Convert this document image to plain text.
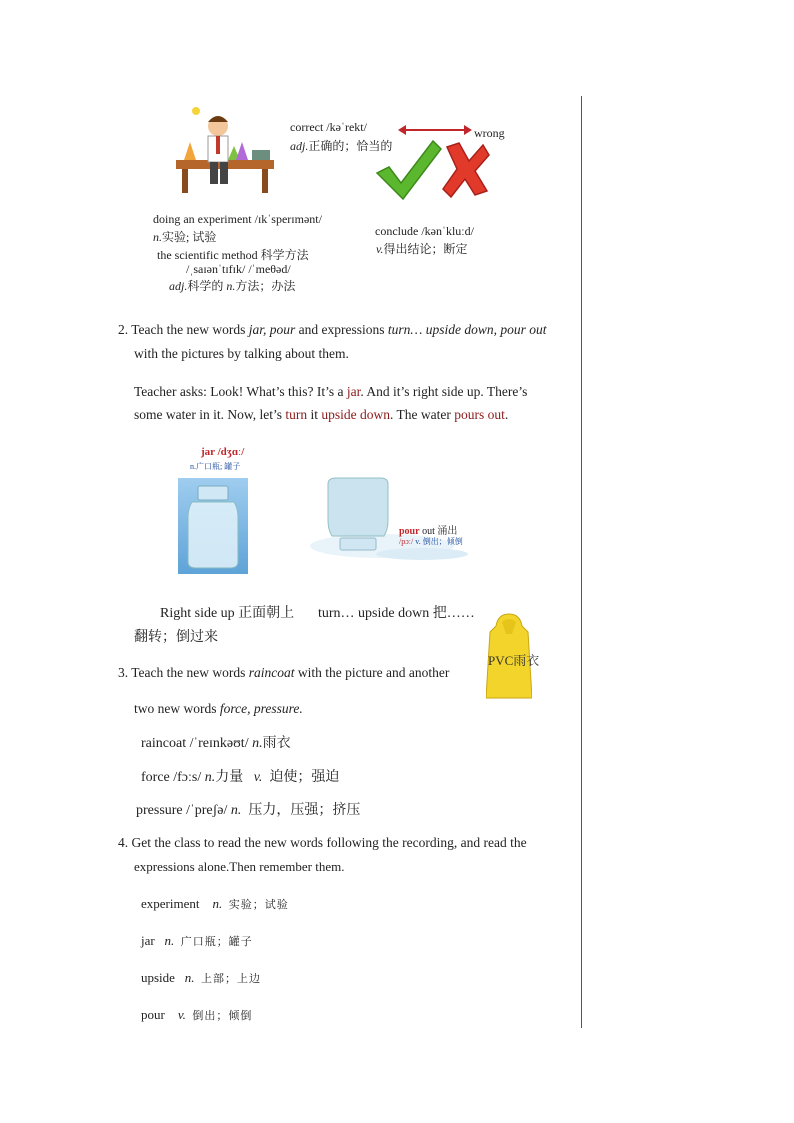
correct /kəˈrekt/
adj.正确的；恰当的
wrong
doing an experiment /ɪkˈsperɪmənt/
n.实验; 试验
the scientific method 科学方法
/ˌsaɪənˈtɪfɪk/ /ˈmeθəd/
adj.科学的 n.方法；办法
conclude /kənˈkluːd/
v.得出结论；断定
2. Teach the new words jar, pour and expressions turn… upside down, pour out
with the pictures by talking about them.
Teacher asks: Look! What’s this? It’s a jar. And it’s right side up. There’s
some water in it. Now, let’s turn it upside down. The water pours out.
jar /dʒɑː/
n.广口瓶; 罐子
pour out 涌出
/pɔː/ v. 倒出；倾倒
Right side up 正面朝上 turn… upside down 把……
翻转；倒过来
3. Teach the new words raincoat with the picture and another
two new words force, pressure.
PVC雨衣
raincoat /ˈreɪnkəʊt/ n.雨衣
force /fɔːs/ n.力量   v.  迫使；强迫
pressure /ˈpreʃə/ n.  压力，压强；挤压
4. Get the class to read the new words following the recording, and read the
expressions alone.Then remember them.
experiment n. 实验；试验
jar n. 广口瓶；罐子
upside n. 上部；上边
pour v. 倒出；倾倒
